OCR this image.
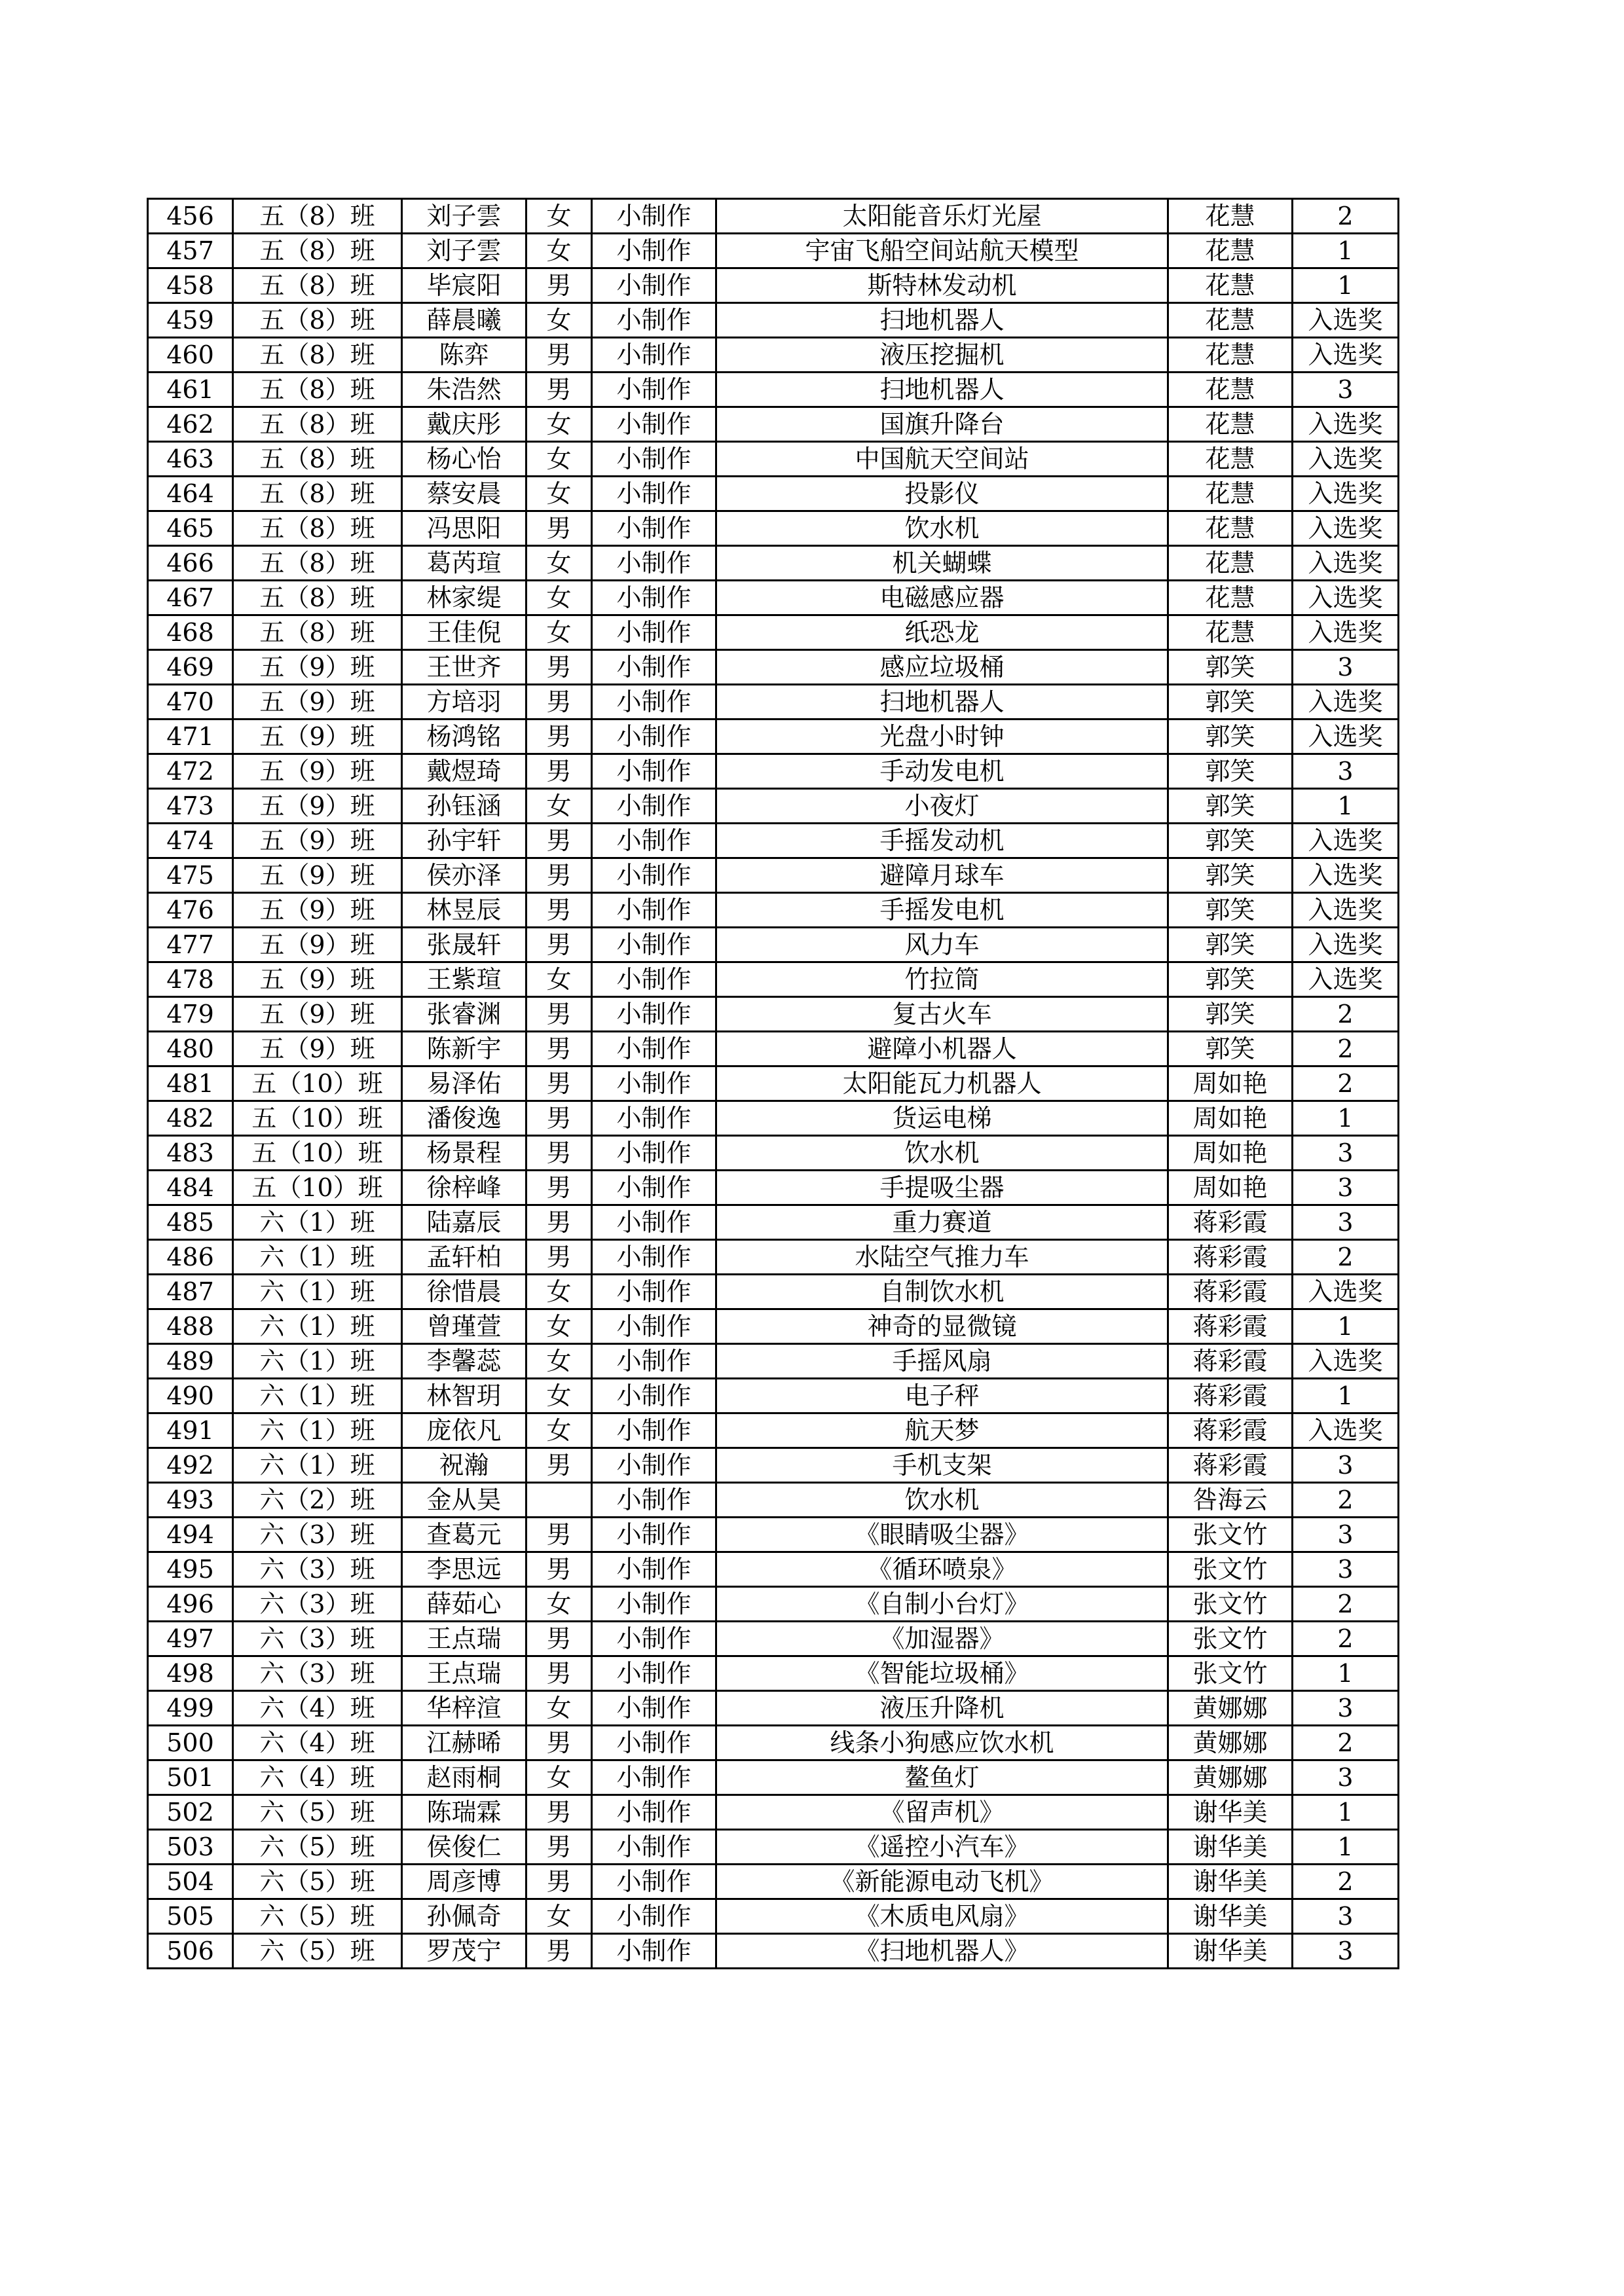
456	五（8）班	刘子雲	女	小制作	太阳能音乐灯光屋	花慧	2
457	五（8）班	刘子雲	女	小制作	宇宙飞船空间站航天模型	花慧	1
458	五（8）班	毕宸阳	男	小制作	斯特林发动机	花慧	1
459	五（8）班	薛晨曦	女	小制作	扫地机器人	花慧	入选奖
460	五（8）班	陈弈	男	小制作	液压挖掘机	花慧	入选奖
461	五（8）班	朱浩然	男	小制作	扫地机器人	花慧	3
462	五（8）班	戴庆彤	女	小制作	国旗升降台	花慧	入选奖
463	五（8）班	杨心怡	女	小制作	中国航天空间站	花慧	入选奖
464	五（8）班	蔡安晨	女	小制作	投影仪	花慧	入选奖
465	五（8）班	冯思阳	男	小制作	饮水机	花慧	入选奖
466	五（8）班	葛芮瑄	女	小制作	机关蝴蝶	花慧	入选奖
467	五（8）班	林家缇	女	小制作	电磁感应器	花慧	入选奖
468	五（8）班	王佳倪	女	小制作	纸恐龙	花慧	入选奖
469	五（9）班	王世齐	男	小制作	感应垃圾桶	郭笑	3
470	五（9）班	方培羽	男	小制作	扫地机器人	郭笑	入选奖
471	五（9）班	杨鸿铭	男	小制作	光盘小时钟	郭笑	入选奖
472	五（9）班	戴煜琦	男	小制作	手动发电机	郭笑	3
473	五（9）班	孙钰涵	女	小制作	小夜灯	郭笑	1
474	五（9）班	孙宇轩	男	小制作	手摇发动机	郭笑	入选奖
475	五（9）班	侯亦泽	男	小制作	避障月球车	郭笑	入选奖
476	五（9）班	林昱辰	男	小制作	手摇发电机	郭笑	入选奖
477	五（9）班	张晟轩	男	小制作	风力车	郭笑	入选奖
478	五（9）班	王紫瑄	女	小制作	竹拉筒	郭笑	入选奖
479	五（9）班	张睿渊	男	小制作	复古火车	郭笑	2
480	五（9）班	陈新宇	男	小制作	避障小机器人	郭笑	2
481	五（10）班	易泽佑	男	小制作	太阳能瓦力机器人	周如艳	2
482	五（10）班	潘俊逸	男	小制作	货运电梯	周如艳	1
483	五（10）班	杨景程	男	小制作	饮水机	周如艳	3
484	五（10）班	徐梓峰	男	小制作	手提吸尘器	周如艳	3
485	六（1）班	陆嘉辰	男	小制作	重力赛道	蒋彩霞	3
486	六（1）班	孟轩柏	男	小制作	水陆空气推力车	蒋彩霞	2
487	六（1）班	徐惜晨	女	小制作	自制饮水机	蒋彩霞	入选奖
488	六（1）班	曾瑾萱	女	小制作	神奇的显微镜	蒋彩霞	1
489	六（1）班	李馨蕊	女	小制作	手摇风扇	蒋彩霞	入选奖
490	六（1）班	林智玥	女	小制作	电子秤	蒋彩霞	1
491	六（1）班	庞依凡	女	小制作	航天梦	蒋彩霞	入选奖
492	六（1）班	祝瀚	男	小制作	手机支架	蒋彩霞	3
493	六（2）班	金从昊		小制作	饮水机	咎海云	2
494	六（3）班	查葛元	男	小制作	《眼睛吸尘器》	张文竹	3
495	六（3）班	李思远	男	小制作	《循环喷泉》	张文竹	3
496	六（3）班	薛茹心	女	小制作	《自制小台灯》	张文竹	2
497	六（3）班	王点瑞	男	小制作	《加湿器》	张文竹	2
498	六（3）班	王点瑞	男	小制作	《智能垃圾桶》	张文竹	1
499	六（4）班	华梓渲	女	小制作	液压升降机	黄娜娜	3
500	六（4）班	江赫晞	男	小制作	线条小狗感应饮水机	黄娜娜	2
501	六（4）班	赵雨桐	女	小制作	鳌鱼灯	黄娜娜	3
502	六（5）班	陈瑞霖	男	小制作	《留声机》	谢华美	1
503	六（5）班	侯俊仁	男	小制作	《遥控小汽车》	谢华美	1
504	六（5）班	周彦博	男	小制作	《新能源电动飞机》	谢华美	2
505	六（5）班	孙佩奇	女	小制作	《木质电风扇》	谢华美	3
506	六（5）班	罗茂宁	男	小制作	《扫地机器人》	谢华美	3
